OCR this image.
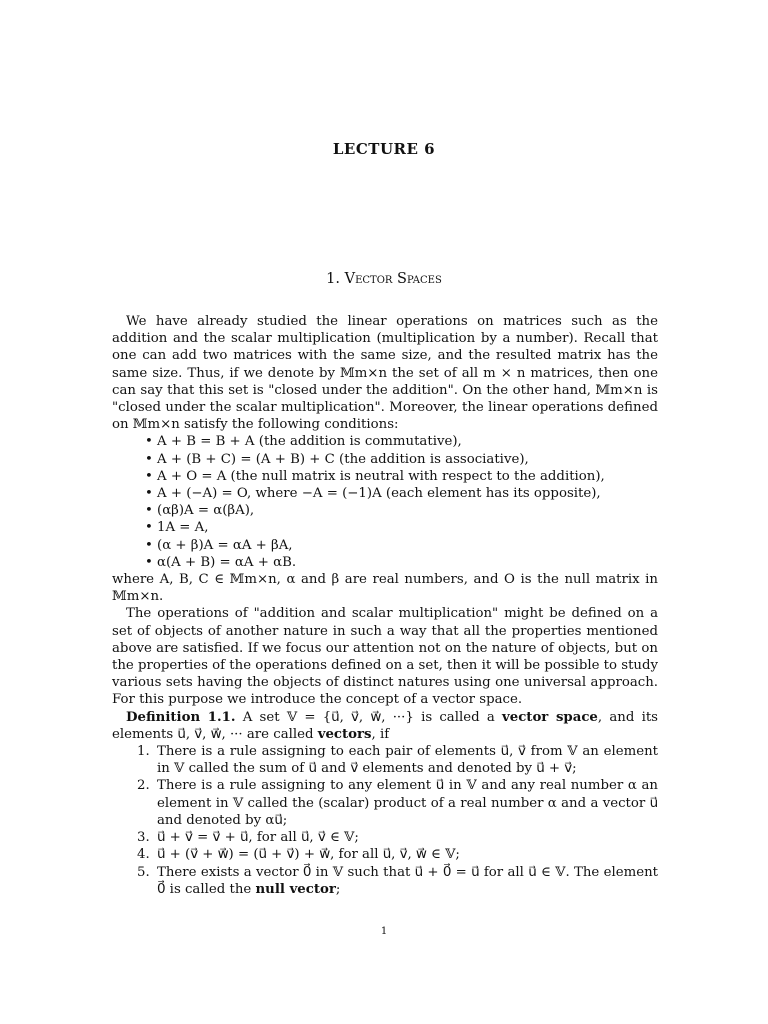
LECTURE 6
1. Vector Spaces

We have already studied the linear operations on matrices such as the addition and the scalar multiplication (multiplication by a number). Recall that one can add two matrices with the same size, and the resulted matrix has the same size. Thus, if we denote by 𝕄m×n the set of all m × n matrices, then one can say that this set is "closed under the addition". On the other hand, 𝕄m×n is "closed under the scalar multiplication". Moreover, the linear operations defined on 𝕄m×n satisfy the following conditions:

• A + B = B + A (the addition is commutative),
• A + (B + C) = (A + B) + C (the addition is associative),
• A + O = A (the null matrix is neutral with respect to the addition),
• A + (−A) = O, where −A = (−1)A (each element has its opposite),
• (αβ)A = α(βA),
• 1A = A,
• (α + β)A = αA + βA,
• α(A + B) = αA + αB.

where A, B, C ∈ 𝕄m×n, α and β are real numbers, and O is the null matrix in 𝕄m×n.

The operations of "addition and scalar multiplication" might be defined on a set of objects of another nature in such a way that all the properties mentioned above are satisfied. If we focus our attention not on the nature of objects, but on the properties of the operations defined on a set, then it will be possible to study various sets having the objects of distinct natures using one universal approach. For this purpose we introduce the concept of a vector space.

Definition 1.1. A set 𝕍 = {u⃗, v⃗, w⃗, ···} is called a vector space, and its elements u⃗, v⃗, w⃗, ··· are called vectors, if

1. There is a rule assigning to each pair of elements u⃗, v⃗ from 𝕍 an element in 𝕍 called the sum of u⃗ and v⃗ elements and denoted by u⃗ + v⃗;
2. There is a rule assigning to any element u⃗ in 𝕍 and any real number α an element in 𝕍 called the (scalar) product of a real number α and a vector u⃗ and denoted by αu⃗;
3. u⃗ + v⃗ = v⃗ + u⃗, for all u⃗, v⃗ ∈ 𝕍;
4. u⃗ + (v⃗ + w⃗) = (u⃗ + v⃗) + w⃗, for all u⃗, v⃗, w⃗ ∈ 𝕍;
5. There exists a vector 0⃗ in 𝕍 such that u⃗ + 0⃗ = u⃗ for all u⃗ ∈ 𝕍. The element 0⃗ is called the null vector;
1
